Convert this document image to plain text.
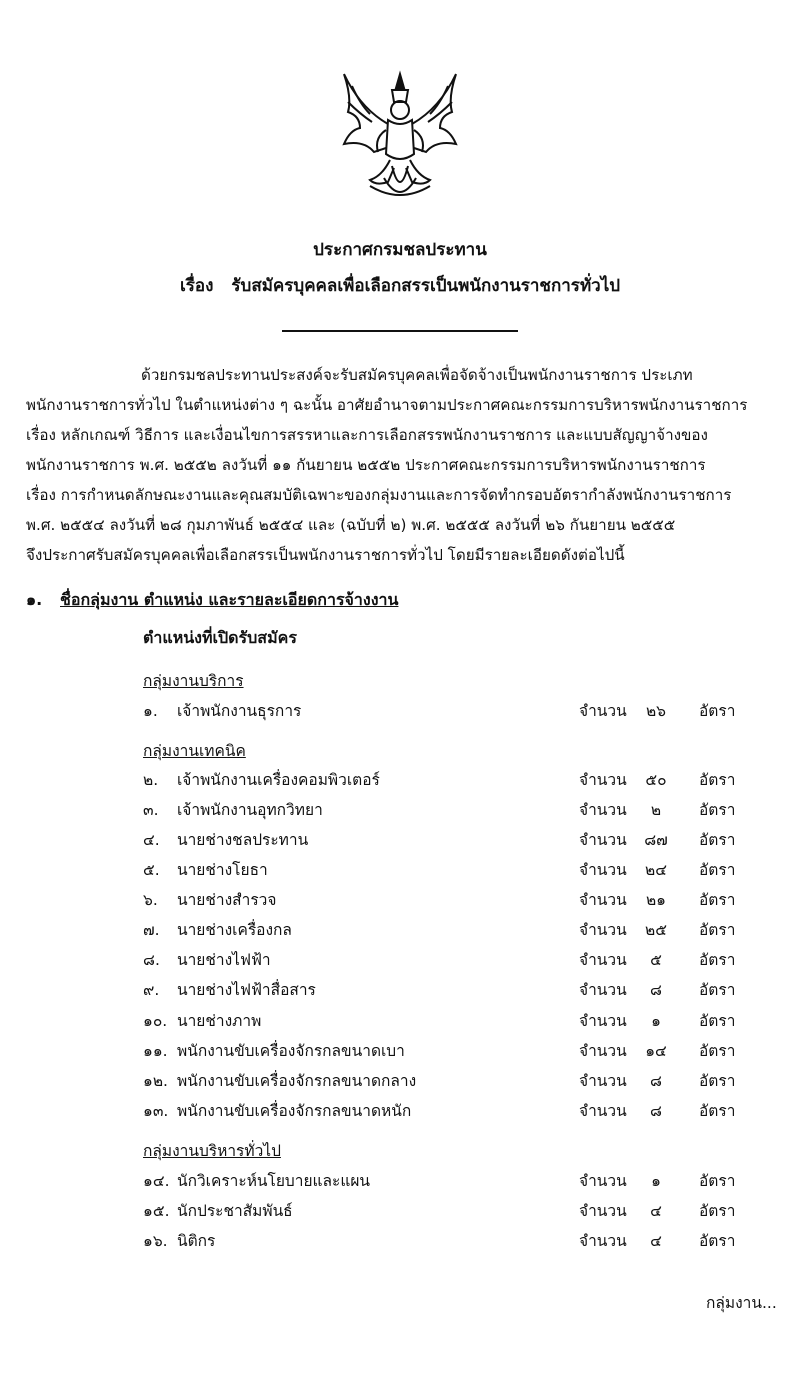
ประกาศกรมชลประทาน
เรื่อง รับสมัครบุคคลเพื่อเลือกสรรเป็นพนักงานราชการทั่วไป
ด้วยกรมชลประทานประสงค์จะรับสมัครบุคคลเพื่อจัดจ้างเป็นพนักงานราชการ ประเภท
พนักงานราชการทั่วไป ในตำแหน่งต่าง ๆ ฉะนั้น อาศัยอำนาจตามประกาศคณะกรรมการบริหารพนักงานราชการ
เรื่อง หลักเกณฑ์ วิธีการ และเงื่อนไขการสรรหาและการเลือกสรรพนักงานราชการ และแบบสัญญาจ้างของ
พนักงานราชการ พ.ศ. ๒๕๕๒ ลงวันที่ ๑๑ กันยายน ๒๕๕๒ ประกาศคณะกรรมการบริหารพนักงานราชการ
เรื่อง การกำหนดลักษณะงานและคุณสมบัติเฉพาะของกลุ่มงานและการจัดทำกรอบอัตรากำลังพนักงานราชการ
พ.ศ. ๒๕๕๔ ลงวันที่ ๒๘ กุมภาพันธ์ ๒๕๕๔ และ (ฉบับที่ ๒) พ.ศ. ๒๕๕๕ ลงวันที่ ๒๖ กันยายน ๒๕๕๕
จึงประกาศรับสมัครบุคคลเพื่อเลือกสรรเป็นพนักงานราชการทั่วไป โดยมีรายละเอียดดังต่อไปนี้
๑. ชื่อกลุ่มงาน ตำแหน่ง และรายละเอียดการจ้างงาน
ตำแหน่งที่เปิดรับสมัคร
กลุ่มงานบริการ
๑. เจ้าพนักงานธุรการ	จำนวน	๒๖	อัตรา
กลุ่มงานเทคนิค
๒. เจ้าพนักงานเครื่องคอมพิวเตอร์	จำนวน ๕๐ อัตรา
๓. เจ้าพนักงานอุทกวิทยา	จำนวน	๒	อัตรา
๔. นายช่างชลประทาน	จำนวน ๘๗ อัตรา
๕. นายช่างโยธา	จำนวน ๒๔ อัตรา
๖. นายช่างสำรวจ	จำนวน	๒๑	อัตรา
๗. นายช่างเครื่องกล	จำนวน ๒๕ อัตรา
๘. นายช่างไฟฟ้า	จำนวน	๕	อัตรา
๙. นายช่างไฟฟ้าสื่อสาร	จำนวน	๘	อัตรา
๑๐. นายช่างภาพ	จำนวน	๑	อัตรา
๑๑. พนักงานขับเครื่องจักรกลขนาดเบา	จำนวน ๑๔ อัตรา
๑๒. พนักงานขับเครื่องจักรกลขนาดกลาง	จำนวน	๘	อัตรา
๑๓. พนักงานขับเครื่องจักรกลขนาดหนัก	จำนวน	๘	อัตรา
กลุ่มงานบริหารทั่วไป
๑๔. นักวิเคราะห์นโยบายและแผน	จำนวน	๑	อัตรา
๑๕. นักประชาสัมพันธ์	จำนวน	๔	อัตรา
๑๖. นิติกร	จำนวน	๔	อัตรา
กลุ่มงาน...
